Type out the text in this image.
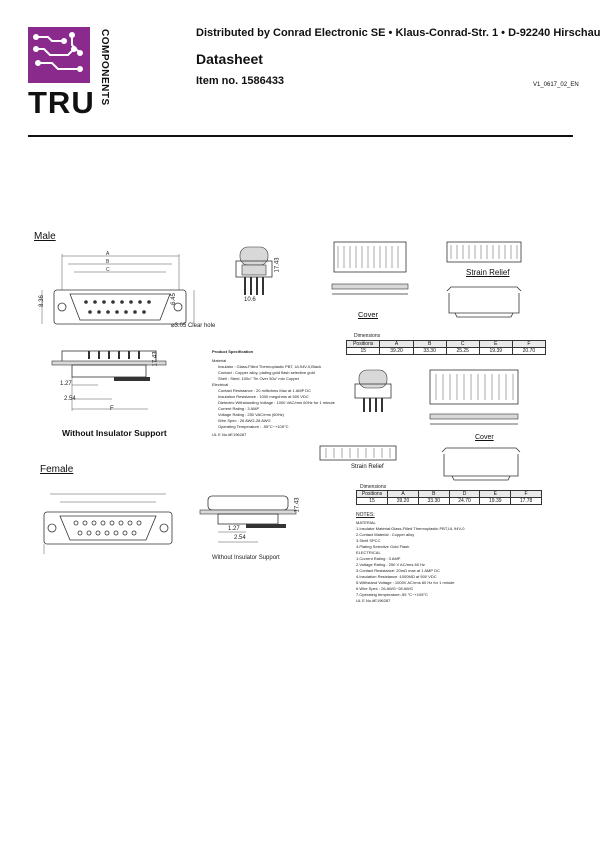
TRU COMPONENTS	Distributed by Conrad Electronic SE • Klaus-Conrad-Str. 1 • D-92240 Hirschau
Datasheet
Item no. 1586433	V1_0617_02_EN
Male
A
B
C
8.36	6.45
⌀3.05 Clear hole
1.27
2.54
F
17.43
Without Insulator Support
17.43
10.6
Product Specification
Material
Insulator : Glass-Filled Thermoplastic PBT, UL94V-0,Black
Contact : Copper alloy, plating gold flash selective gold
Shell : Steel, 100u" Tin Over 50u" min Copper
Electrical
Contact Resistance : 20 milliohms Max at 1 AMP DC
Insulation Resistance : 1000 megohms at 500 VDC
Dielectric Withstanding Voltage : 1000 VAC/rms 60Hz for 1 minute
Current Rating : 3 AMP
Voltage Rating : 250 VAC/rms (60Hz)
Wire Spec : 26 AWG-28 AWG
Operating Temperature : -55°C~+105°C
UL E No.#E196287
Strain Relief
Cover
Dimensions
Positions	A	B	C	E	F
15	39.20	33.30	25.25	19.39	20.70
Cover
Strain Relief
Female
1.27
2.54
17.43
Without Insulator Support
Dimensions
Positions	A	B	D	E	F
15	39.20	33.30	24.70	19.39	17.78
NOTES:
MATERIAL
1.Insulator Material:Glass-Filled Thermoplastic PBT,UL 94V-0
2.Contact Material : Copper alloy
3.Shell SPCC
4.Plating Selective Gold Flash
ELECTRICAL
1.Current Rating : 3 AMP
2.Voltage Rating : 250 V AC/rms 60 Hz
3.Contact Resistance: 20mΩ max at 1 AMP DC
4.Insulation Resistance :1000MΩ at 500 VDC
5.Withstand Voltage : 1000V AC/rms 60 Hz for 1 minute
6.Wire Spec : 26 AWG~28 AWG
7.Operating temperature:-55 °C~+105°C
UL E No.#E196287
